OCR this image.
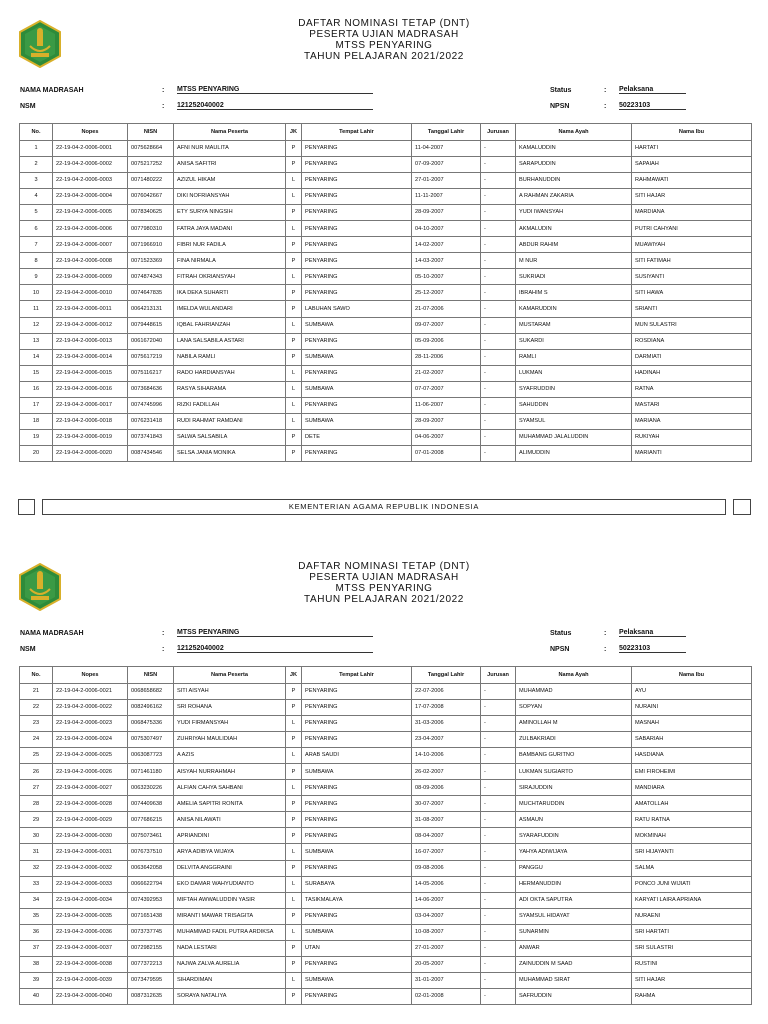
DAFTAR NOMINASI TETAP (DNT)
PESERTA UJIAN MADRASAH
MTSS PENYARING
TAHUN PELAJARAN 2021/2022
NAMA MADRASAH	: MTSS PENYARING
NSM	: 121252040002
Status	: Pelaksana
NPSN	: 50223103
No.	Nopes	NISN	Nama Peserta	JK	Tempat Lahir	Tanggal Lahir	Jurusan	Nama Ayah	Nama Ibu
1	22-19-04-2-0006-0001	0075628664	AFNI NUR MAULITA	P	PENYARING	11-04-2007	-	KAMALUDDIN	HARTATI
2	22-19-04-2-0006-0002	0075217252	ANISA SAFITRI	P	PENYARING	07-09-2007	-	SARAPUDDIN	SAPAIAH
3	22-19-04-2-0006-0003	0071480222	AZIZUL HIKAM	L	PENYARING	27-01-2007	-	BURHANUDDIN	RAHMAWATI
4	22-19-04-2-0006-0004	0076042667	DIKI NOFRIANSYAH	L	PENYARING	11-11-2007	-	A RAHMAN ZAKARIA	SITI HAJAR
5	22-19-04-2-0006-0005	0078340625	ETY SURYA NINGSIH	P	PENYARING	28-09-2007	-	YUDI IWANSYAH	MARDIANA
6	22-19-04-2-0006-0006	0077980310	FATRA JAYA MADANI	L	PENYARING	04-10-2007	-	AKMALUDIN	PUTRI CAHYANI
7	22-19-04-2-0006-0007	0071966910	FIBRI NUR FADILA	P	PENYARING	14-02-2007	-	ABDUR RAHIM	MUAWIYAH
8	22-19-04-2-0006-0008	0071523369	FINA NIRMALA	P	PENYARING	14-03-2007	-	M NUR	SITI FATIMAH
9	22-19-04-2-0006-0009	0074874343	FITRAH OKRIANSYAH	L	PENYARING	05-10-2007	-	SUKRIADI	SUSIYANTI
10	22-19-04-2-0006-0010	0074647835	IKA DEKA SUHARTI	P	PENYARING	25-12-2007	-	IBRAHIM S	SITI HAWA
11	22-19-04-2-0006-0011	0064213131	IMELDA WULANDARI	P	LABUHAN SAWO	21-07-2006	-	KAMARUDDIN	SRIANTI
12	22-19-04-2-0006-0012	0079448615	IQBAL FAHRIANZAH	L	SUMBAWA	09-07-2007	-	MUSTARAM	MUN SULASTRI
13	22-19-04-2-0006-0013	0061672040	LANA SALSABILA ASTARI	P	PENYARING	05-09-2006	-	SUKARDI	ROSDIANA
14	22-19-04-2-0006-0014	0075617219	NABILA RAMLI	P	SUMBAWA	28-11-2006	-	RAMLI	DARMIATI
15	22-19-04-2-0006-0015	0075116217	RADO HARDIANSYAH	L	PENYARING	21-02-2007	-	LUKMAN	HADINAH
16	22-19-04-2-0006-0016	0073684636	RASYA SIHARAMA	L	SUMBAWA	07-07-2007	-	SYAFRUDDIN	RATNA
17	22-19-04-2-0006-0017	0074745996	RIZKI FADILLAH	L	PENYARING	11-06-2007	-	SAHUDDIN	MASTARI
18	22-19-04-2-0006-0018	0076231418	RUDI RAHMAT RAMDANI	L	SUMBAWA	28-09-2007	-	SYAMSUL	MARIANA
19	22-19-04-2-0006-0019	0073741843	SALWA SALSABILA	P	DETE	04-06-2007	-	MUHAMMAD JALALUDDIN	RUKIYAH
20	22-19-04-2-0006-0020	0087434546	SELSA JANIA MONIKA	P	PENYARING	07-01-2008	-	ALIMUDDIN	MARIANTI
KEMENTERIAN AGAMA REPUBLIK INDONESIA
DAFTAR NOMINASI TETAP (DNT)
PESERTA UJIAN MADRASAH
MTSS PENYARING
TAHUN PELAJARAN 2021/2022
NAMA MADRASAH	: MTSS PENYARING
NSM	: 121252040002
Status	: Pelaksana
NPSN	: 50223103
No.	Nopes	NISN	Nama Peserta	JK	Tempat Lahir	Tanggal Lahir	Jurusan	Nama Ayah	Nama Ibu
21	22-19-04-2-0006-0021	0068658682	SITI AISYAH	P	PENYARING	22-07-2006	-	MUHAMMAD	AYU
22	22-19-04-2-0006-0022	0082496162	SRI ROHANA	P	PENYARING	17-07-2008	-	SOPYAN	NURAINI
23	22-19-04-2-0006-0023	0068475336	YUDI FIRMANSYAH	L	PENYARING	31-03-2006	-	AMINOLLAH M	MASNAH
24	22-19-04-2-0006-0024	0075307497	ZUHRIYAH MAULIDIAH	P	PENYARING	23-04-2007	-	ZULBAKRIADI	SABARIAH
25	22-19-04-2-0006-0025	0063087723	A AZIS	L	ARAB SAUDI	14-10-2006	-	BAMBANG GURITNO	HASDIANA
26	22-19-04-2-0006-0026	0071461180	AISYAH NURRAHMAH	P	SUMBAWA	26-02-2007	-	LUKMAN SUGIARTO	EMI FIROHEIMI
27	22-19-04-2-0006-0027	0063230226	ALFIAN CAHYA SAHBANI	L	PENYARING	08-09-2006	-	SIRAJUDDIN	MANDIARA
28	22-19-04-2-0006-0028	0074409638	AMELIA SAPITRI RONITA	P	PENYARING	30-07-2007	-	MUCHTARUDDIN	AMATOLLAH
29	22-19-04-2-0006-0029	0077686215	ANISA NILAWATI	P	PENYARING	31-08-2007	-	ASMAUN	RATU RATNA
30	22-19-04-2-0006-0030	0075073461	APRIANDINI	P	PENYARING	08-04-2007	-	SYARAFUDDIN	MOKMINAH
31	22-19-04-2-0006-0031	0076737510	ARYA ADIBYA WIJAYA	L	SUMBAWA	16-07-2007	-	YAHYA ADIWIJAYA	SRI HIJAYANTI
32	22-19-04-2-0006-0032	0063642058	DELVITA ANGGRAINI	P	PENYARING	09-08-2006	-	PANGGU	SALMA
33	22-19-04-2-0006-0033	0066622794	EKO DAMAR WAHYUDIANTO	L	SURABAYA	14-05-2006	-	HERMANUDDIN	PONCO JUNI WIJIATI
34	22-19-04-2-0006-0034	0074392953	MIFTAH AWWALUDDIN YASIR	L	TASIKMALAYA	14-06-2007	-	ADI OKTA SAPUTRA	KARYATI LAIRA APRIANA
35	22-19-04-2-0006-0035	0071651438	MIRANTI MAWAR TRISAGITA	P	PENYARING	03-04-2007	-	SYAMSUL HIDAYAT	NURAENI
36	22-19-04-2-0006-0036	0073737745	MUHAMMAD FADIL PUTRA ARDIKSA	L	SUMBAWA	10-08-2007	-	SUNARMIN	SRI HARTATI
37	22-19-04-2-0006-0037	0072982155	NADA LESTARI	P	UTAN	27-01-2007	-	ANWAR	SRI SULASTRI
38	22-19-04-2-0006-0038	0077372213	NAJWA ZALVA AURELIA	P	PENYARING	20-05-2007	-	ZAINUDDIN M SAAD	RUSTINI
39	22-19-04-2-0006-0039	0073479595	SIHARDIMAN	L	SUMBAWA	31-01-2007	-	MUHAMMAD SIRAT	SITI HAJAR
40	22-19-04-2-0006-0040	0087312635	SORAYA NATALIYA	P	PENYARING	02-01-2008	-	SAFRUDDIN	RAHMA
